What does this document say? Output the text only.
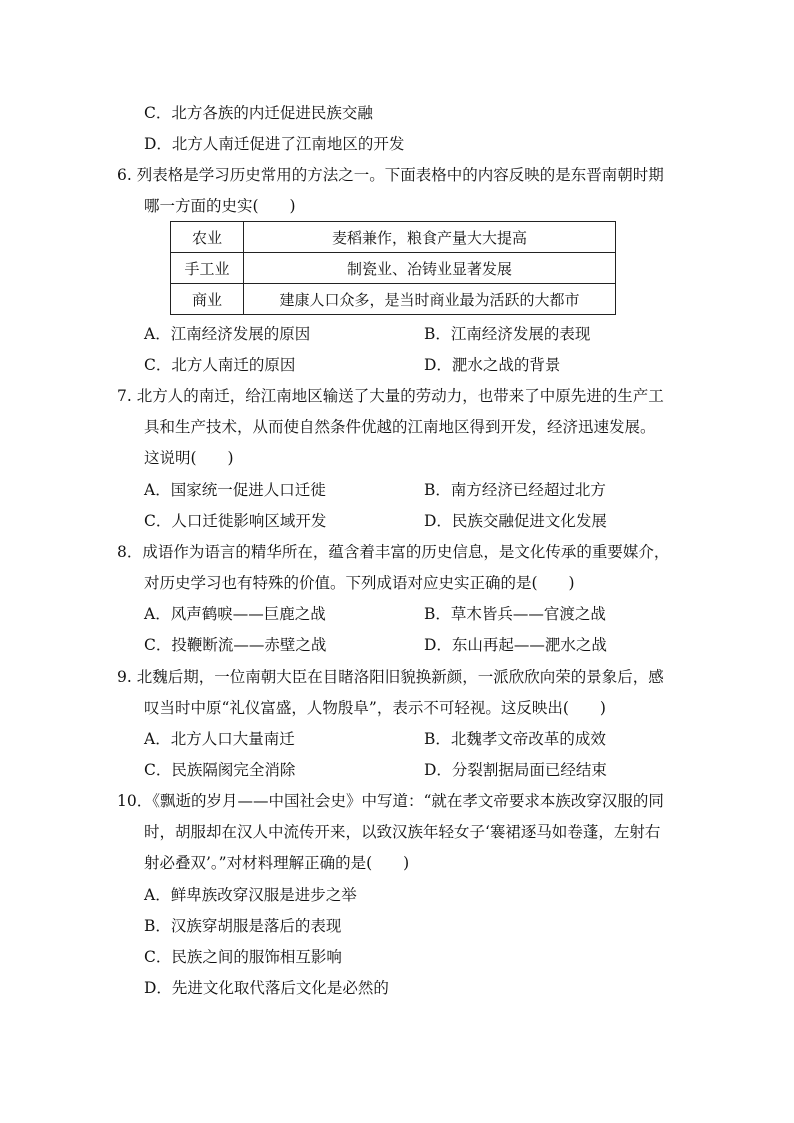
C．北方各族的内迁促进民族交融
D．北方人南迁促进了江南地区的开发
6. 列表格是学习历史常用的方法之一。下面表格中的内容反映的是东晋南朝时期
哪一方面的史实(　　)
农业	麦稻兼作，粮食产量大大提高
手工业	制瓷业、冶铸业显著发展
商业	建康人口众多，是当时商业最为活跃的大都市
A．江南经济发展的原因	B．江南经济发展的表现
C．北方人南迁的原因	D．淝水之战的背景
7. 北方人的南迁，给江南地区输送了大量的劳动力，也带来了中原先进的生产工
具和生产技术，从而使自然条件优越的江南地区得到开发，经济迅速发展。
这说明(　　)
A．国家统一促进人口迁徙	B．南方经济已经超过北方
C．人口迁徙影响区域开发	D．民族交融促进文化发展
8．成语作为语言的精华所在，蕴含着丰富的历史信息，是文化传承的重要媒介，
对历史学习也有特殊的价值。下列成语对应史实正确的是(　　)
A．风声鹤唳——巨鹿之战	B．草木皆兵——官渡之战
C．投鞭断流——赤壁之战	D．东山再起——淝水之战
9. 北魏后期，一位南朝大臣在目睹洛阳旧貌换新颜，一派欣欣向荣的景象后，感
叹当时中原“礼仪富盛，人物殷阜”，表示不可轻视。这反映出(　　)
A．北方人口大量南迁	B．北魏孝文帝改革的成效
C．民族隔阂完全消除	D．分裂割据局面已经结束
10．《飘逝的岁月——中国社会史》中写道：“就在孝文帝要求本族改穿汉服的同
时，胡服却在汉人中流传开来，以致汉族年轻女子‘褰裙逐马如卷蓬，左射右
射必叠双’。”对材料理解正确的是(　　)
A．鲜卑族改穿汉服是进步之举
B．汉族穿胡服是落后的表现
C．民族之间的服饰相互影响
D．先进文化取代落后文化是必然的
